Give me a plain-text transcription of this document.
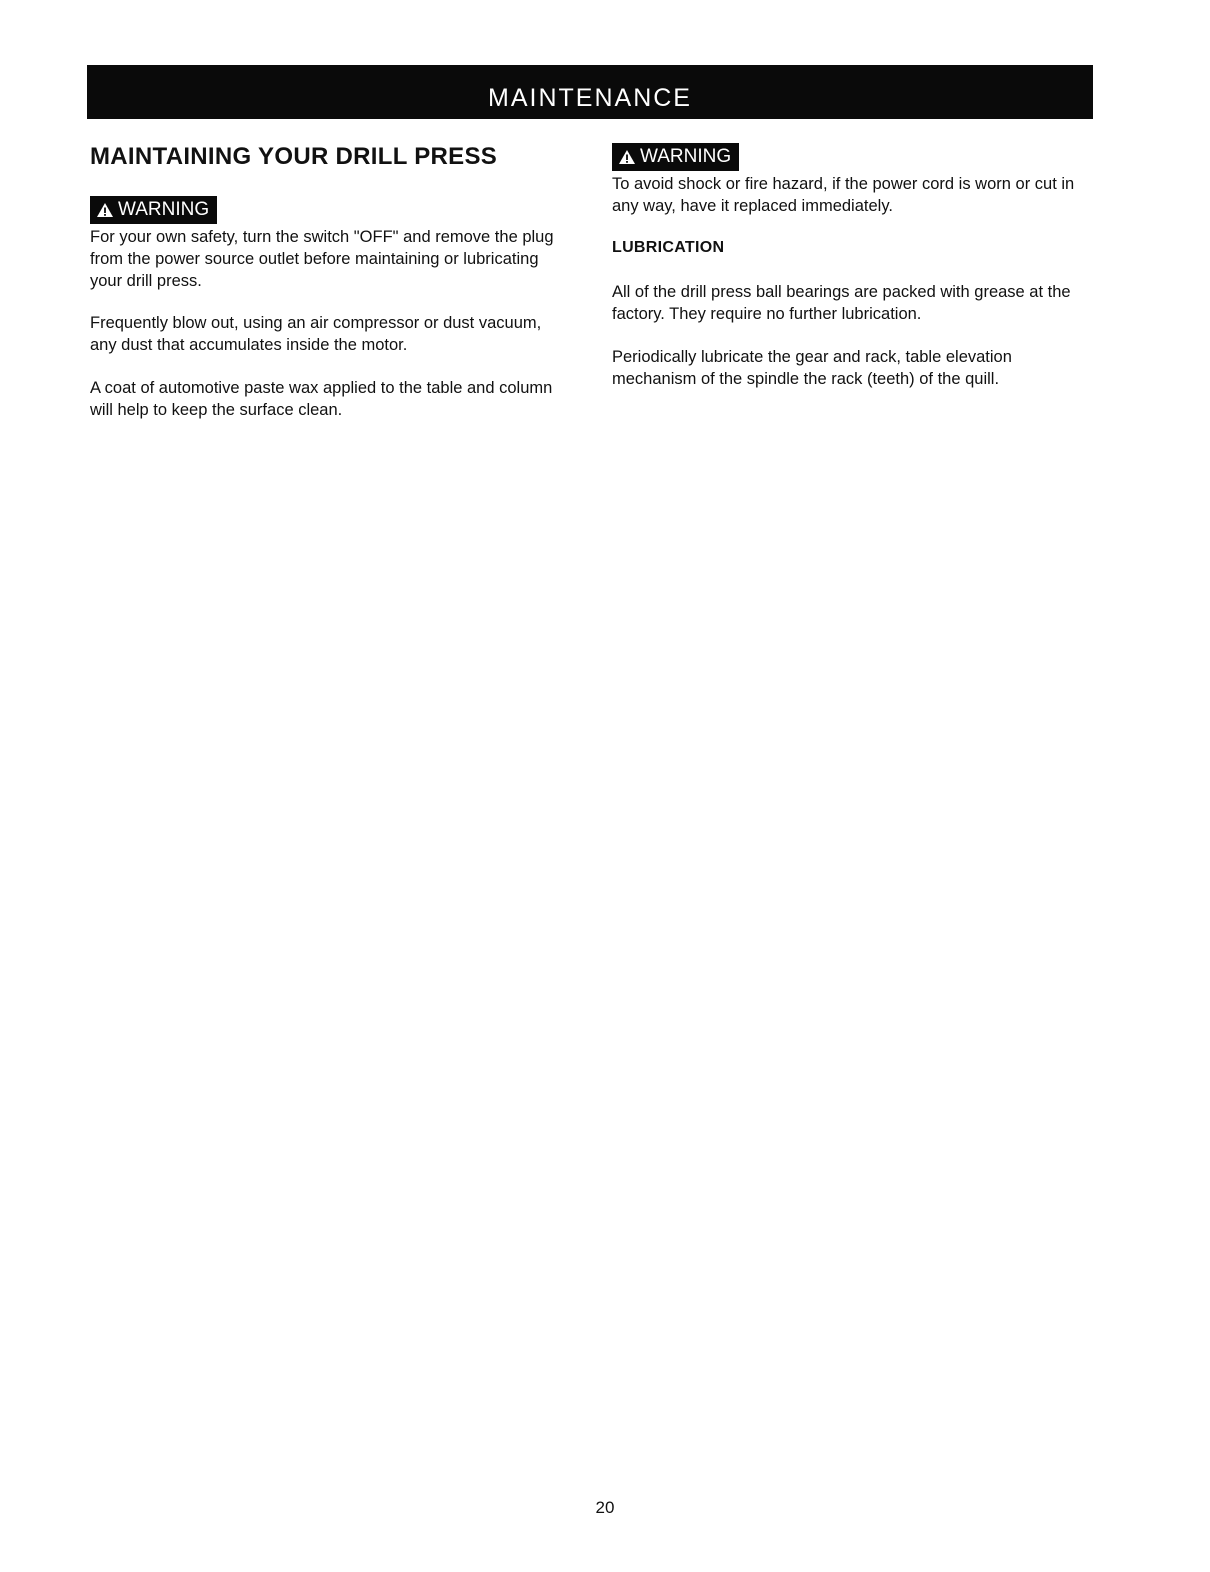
MAINTENANCE
MAINTAINING YOUR DRILL PRESS
WARNING

For your own safety, turn the switch "OFF" and remove the plug from the power source outlet before maintaining or lubricating your drill press.

Frequently blow out, using an air compressor or dust vacuum, any dust that accumulates inside the motor.

A coat of automotive paste wax applied to the table and column will help to keep the surface clean.

WARNING

To avoid shock or fire hazard, if the power cord is worn or cut in any way, have it replaced immediately.

LUBRICATION

All of the drill press ball bearings are packed with grease at the factory. They require no further lubrication.

Periodically lubricate the gear and rack, table elevation mechanism of the spindle the rack (teeth) of the quill.

20
